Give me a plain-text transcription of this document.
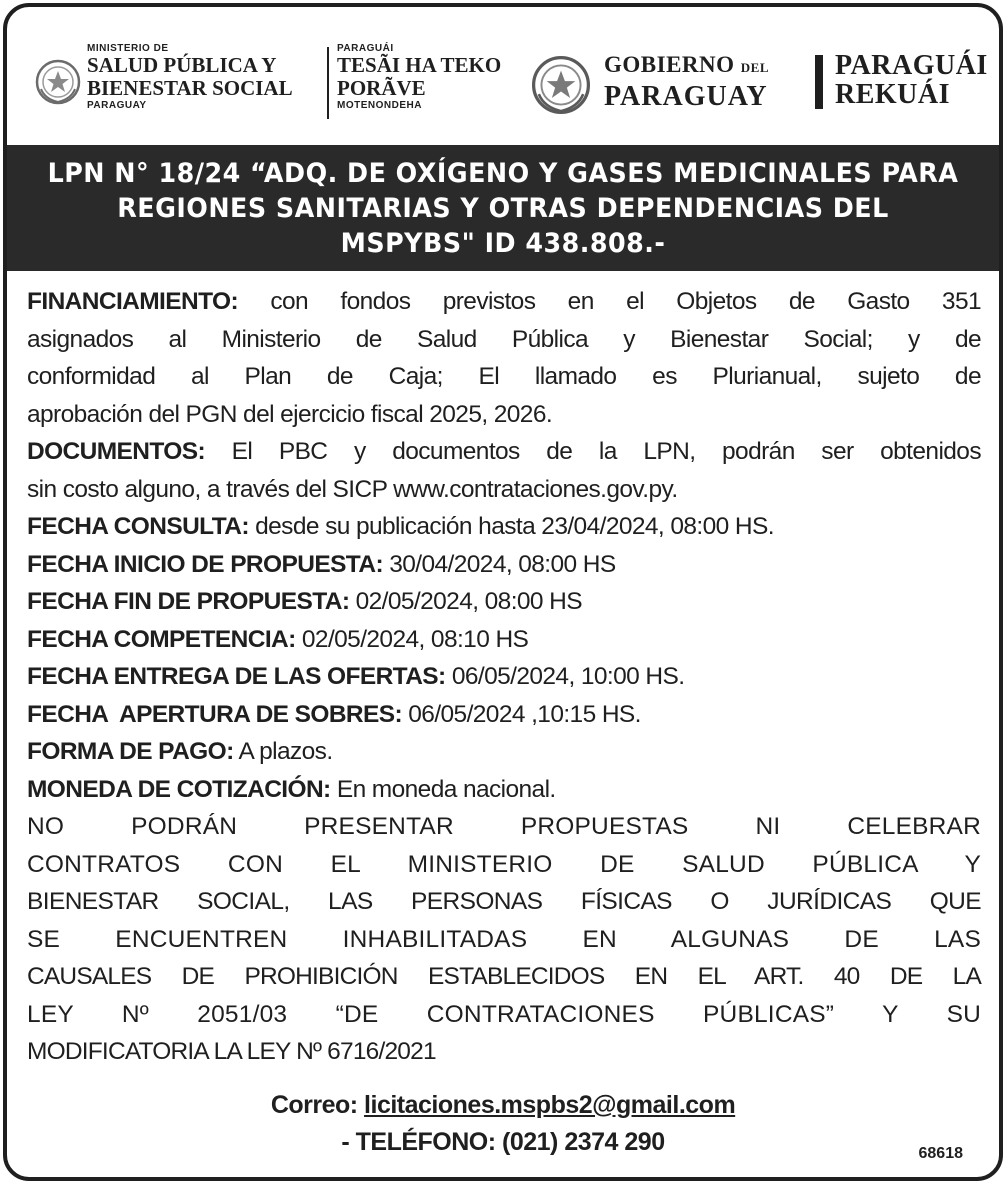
MINISTERIO DE
SALUD PÚBLICA Y
BIENESTAR SOCIAL
PARAGUAY
PARAGUÁI
TESÃI HA TEKO
PORÃVE
MOTENONDEHA
GOBIERNO DEL
PARAGUAY
PARAGUÁI
REKUÁI
LPN N° 18/24 “ADQ. DE OXÍGENO Y GASES MEDICINALES PARA
REGIONES SANITARIAS Y OTRAS DEPENDENCIAS DEL
MSPYBS" ID 438.808.-
FINANCIAMIENTO: con fondos previstos en el Objetos de Gasto 351
asignados al Ministerio de Salud Pública y Bienestar Social; y de
conformidad al Plan de Caja; El llamado es Plurianual, sujeto de
aprobación del PGN del ejercicio fiscal 2025, 2026.
DOCUMENTOS: El PBC y documentos de la LPN, podrán ser obtenidos
sin costo alguno, a través del SICP www.contrataciones.gov.py.
FECHA CONSULTA: desde su publicación hasta 23/04/2024, 08:00 HS.
FECHA INICIO DE PROPUESTA: 30/04/2024, 08:00 HS
FECHA FIN DE PROPUESTA: 02/05/2024, 08:00 HS
FECHA COMPETENCIA: 02/05/2024, 08:10 HS
FECHA ENTREGA DE LAS OFERTAS: 06/05/2024, 10:00 HS.
FECHA  APERTURA DE SOBRES: 06/05/2024 ,10:15 HS.
FORMA DE PAGO: A plazos.
MONEDA DE COTIZACIÓN: En moneda nacional.
NO PODRÁN PRESENTAR PROPUESTAS NI CELEBRAR
CONTRATOS CON EL MINISTERIO DE SALUD PÚBLICA Y
BIENESTAR SOCIAL, LAS PERSONAS FÍSICAS O JURÍDICAS QUE
SE ENCUENTREN INHABILITADAS EN ALGUNAS DE LAS
CAUSALES DE PROHIBICIÓN ESTABLECIDOS EN EL ART. 40 DE LA
LEY Nº 2051/03 “DE CONTRATACIONES PÚBLICAS” Y SU
MODIFICATORIA LA LEY Nº 6716/2021
Correo: licitaciones.mspbs2@gmail.com
- TELÉFONO: (021) 2374 290	68618
